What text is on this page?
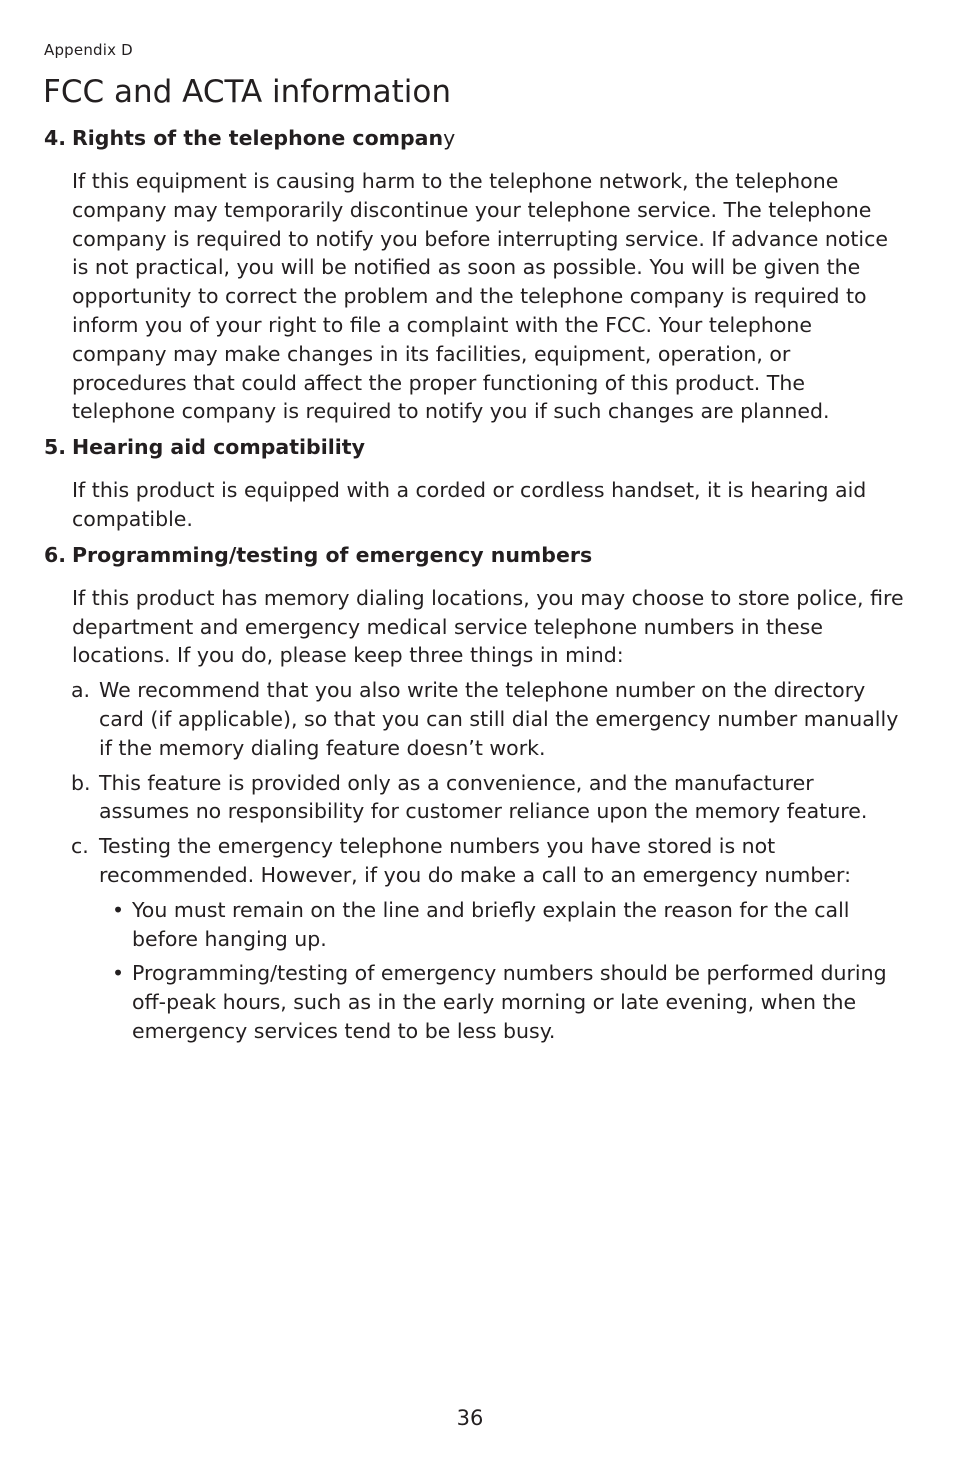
Appendix D
FCC and ACTA information
4. Rights of the telephone company

If this equipment is causing harm to the telephone network, the telephone company may temporarily discontinue your telephone service. The telephone company is required to notify you before interrupting service. If advance notice is not practical, you will be notified as soon as possible. You will be given the opportunity to correct the problem and the telephone company is required to inform you of your right to file a complaint with the FCC. Your telephone company may make changes in its facilities, equipment, operation, or procedures that could affect the proper functioning of this product. The telephone company is required to notify you if such changes are planned.

5. Hearing aid compatibility

If this product is equipped with a corded or cordless handset, it is hearing aid compatible.

6. Programming/testing of emergency numbers

If this product has memory dialing locations, you may choose to store police, fire department and emergency medical service telephone numbers in these locations. If you do, please keep three things in mind:

a. We recommend that you also write the telephone number on the directory card (if applicable), so that you can still dial the emergency number manually if the memory dialing feature doesn’t work.
b. This feature is provided only as a convenience, and the manufacturer assumes no responsibility for customer reliance upon the memory feature.
c. Testing the emergency telephone numbers you have stored is not recommended. However, if you do make a call to an emergency number:
• You must remain on the line and briefly explain the reason for the call before hanging up.
• Programming/testing of emergency numbers should be performed during off-peak hours, such as in the early morning or late evening, when the emergency services tend to be less busy.
36
